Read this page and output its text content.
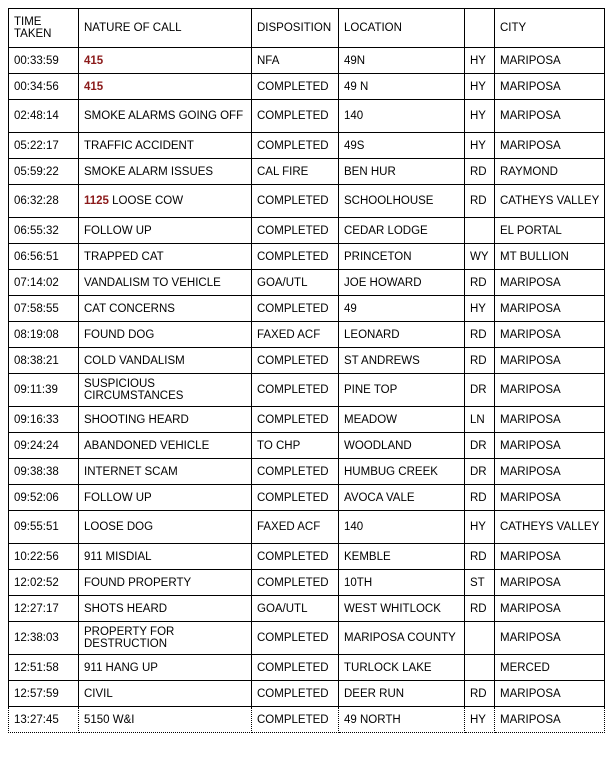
TIME
TAKEN	NATURE OF CALL	DISPOSITION	LOCATION		CITY
00:33:59	415	NFA	49N	HY	MARIPOSA
00:34:56	415	COMPLETED	49 N	HY	MARIPOSA
02:48:14	SMOKE ALARMS GOING OFF	COMPLETED	140	HY	MARIPOSA
05:22:17	TRAFFIC ACCIDENT	COMPLETED	49S	HY	MARIPOSA
05:59:22	SMOKE ALARM ISSUES	CAL FIRE	BEN HUR	RD	RAYMOND
06:32:28	1125 LOOSE COW	COMPLETED	SCHOOLHOUSE	RD	CATHEYS VALLEY
06:55:32	FOLLOW UP	COMPLETED	CEDAR LODGE		EL PORTAL
06:56:51	TRAPPED CAT	COMPLETED	PRINCETON	WY	MT BULLION
07:14:02	VANDALISM TO VEHICLE	GOA/UTL	JOE HOWARD	RD	MARIPOSA
07:58:55	CAT CONCERNS	COMPLETED	49	HY	MARIPOSA
08:19:08	FOUND DOG	FAXED ACF	LEONARD	RD	MARIPOSA
08:38:21	COLD VANDALISM	COMPLETED	ST ANDREWS	RD	MARIPOSA
09:11:39	SUSPICIOUS CIRCUMSTANCES	COMPLETED	PINE TOP	DR	MARIPOSA
09:16:33	SHOOTING HEARD	COMPLETED	MEADOW	LN	MARIPOSA
09:24:24	ABANDONED VEHICLE	TO CHP	WOODLAND	DR	MARIPOSA
09:38:38	INTERNET SCAM	COMPLETED	HUMBUG CREEK	DR	MARIPOSA
09:52:06	FOLLOW UP	COMPLETED	AVOCA VALE	RD	MARIPOSA
09:55:51	LOOSE DOG	FAXED ACF	140	HY	CATHEYS VALLEY
10:22:56	911 MISDIAL	COMPLETED	KEMBLE	RD	MARIPOSA
12:02:52	FOUND PROPERTY	COMPLETED	10TH	ST	MARIPOSA
12:27:17	SHOTS HEARD	GOA/UTL	WEST WHITLOCK	RD	MARIPOSA
12:38:03	PROPERTY FOR DESTRUCTION	COMPLETED	MARIPOSA COUNTY		MARIPOSA
12:51:58	911 HANG UP	COMPLETED	TURLOCK LAKE		MERCED
12:57:59	CIVIL	COMPLETED	DEER RUN	RD	MARIPOSA
13:27:45	5150 W&I	COMPLETED	49 NORTH	HY	MARIPOSA
